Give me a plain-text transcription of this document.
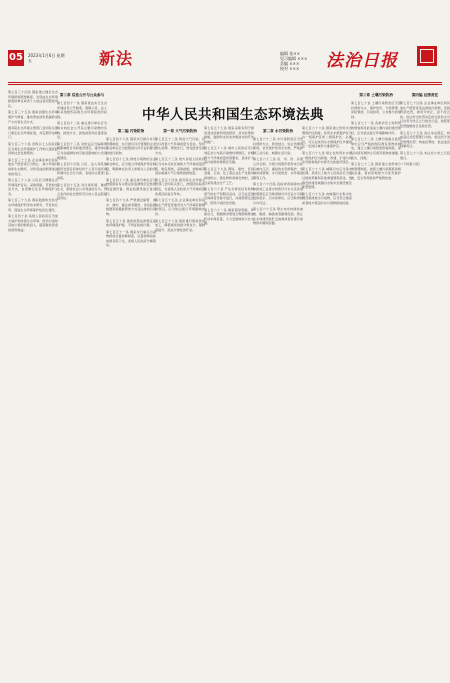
05 2023年1月6日 星期五	新法	编辑 张××
见习编辑 ×××
美编 ×××
校对 ×××	法治日报
中华人民共和国生态环境法典

第七百三十四条 国家建立健全生态环境损害赔偿制度，对造成生态环境损害的单位或者个人依法追究赔偿责任。

第七百三十五条 国家加强生态环境保护与修复，推动形成绿色低碳的生产方式和生活方式。

国务院生态环境主管部门会同有关部门制定生态环境标准，并定期评估修订。

第七百三十六条 县级以上人民政府应当将生态环境保护工作纳入国民经济和社会发展规划。

第七百三十七条 企业事业单位和其他生产经营者应当防止、减少环境污染和生态破坏，对所造成的损害依法承担责任。

第七百三十八条 公民应当增强生态环境保护意识，采取低碳、节俭的生活方式，自觉履行生态环境保护义务。

第七百三十九条 国家鼓励和支持生态环境保护科学技术研究、开发和应用，促进生态环境保护信息化建设。

第七百四十条 各级人民政府应当加大保护和改善生态环境、防治污染和其他公害的财政投入，提高财政资金的使用效益。

第三章 信息公开与公众参与

第七百四十一条 国家依法实行生态环境信息公开制度，保障公民、法人和其他组织获取生态环境信息的权利。

第七百四十二条 重点排污单位应当如实向社会公开其主要污染物的名称、排放方式、排放浓度和总量等信息。

第七百四十三条 对依法应当编制环境影响报告书的建设项目，建设单位应当在编制时向可能受影响的公众说明情况。

第七百四十四条 公民、法人和其他组织发现任何单位和个人有污染环境和破坏生态行为的，有权向主管部门举报。

第七百四十五条 对污染环境、破坏生态，损害社会公共利益的行为，符合条件的社会组织可以向人民法院提起诉讼。

第二编 污染防治

第七百四十六条 国家实行排污许可管理制度，实行排污许可管理的企业事业单位应当按照排污许可证的要求排放污染物。

第七百四十七条 排放污染物的企业事业单位，应当建立环境保护责任制度，明确单位负责人和相关人员的责任。

第七百四十八条 重点排污单位应当按照国家有关规定和监测规范安装使用监测设备，保证监测设备正常运行。

第七百四十九条 严禁通过暗管、渗井、渗坑、灌注或者篡改、伪造监测数据等逃避监管的方式违法排放污染物。

第七百五十条 国家依照法律规定征收环境保护税，不再征收排污费。

第七百五十一条 国家实行重点污染物排放总量控制制度，总量控制指标由国务院下达，省级人民政府分解落实。

第一章 大气污染防治

第七百五十二条 防治大气污染，应当以改善大气环境质量为目标，坚持源头治理、规划先行，转变经济发展方式。

第七百五十三条 地方各级人民政府应当对本行政区域的大气环境质量负责，制定规划，采取措施，控制或者逐步削减大气污染物的排放量。

第七百五十四条 国务院生态环境主管部门会同有关部门，按照国务院的规定，对省级人民政府大气环境质量改善目标进行考核。

第七百五十五条 企业事业单位和其他生产经营者建设对大气环境有影响的项目，应当依法进行环境影响评价。

第七百五十六条 国家推行煤炭洗选加工，降低煤炭的硫分和灰分，限制高硫分、高灰分煤炭的开采。

第七百五十七条 国家采取有利于煤炭清洁高效利用的经济、技术政策和措施，鼓励和支持洁净煤技术的开发和推广。

第七百五十八条 城市人民政府可以划定并公布高污染燃料禁燃区，并根据大气环境质量改善要求，逐步扩大高污染燃料禁燃区范围。

第七百五十九条 钢铁、建材、有色金属、石油、化工等企业生产过程中排放粉尘、硫化物和氮氧化物的，应当采用清洁生产工艺。

第七百六十条 产生含挥发性有机物废气的生产和服务活动，应当在密闭空间或者设备中进行，并按照规定安装、使用污染防治设施。

第七百六十一条 国家倡导低碳、环保出行，根据城市规划合理控制燃油机动车保有量，大力发展城市公共交通。

第二章 水污染防治

第七百六十二条 水污染防治应当坚持预防为主、防治结合、综合治理的原则，优先保护饮用水水源，严格控制工业污染、城镇生活污染。

第七百六十三条 省、市、县、乡建立河长制，分级分段组织领导本行政区域内江河、湖泊的水资源保护、水域岸线管理、水污染防治、水环境治理等工作。

第七百六十四条 直接或者间接向水体排放工业废水和医疗污水以及其他按照规定应当取得排污许可证方可排放的废水、污水的单位，应当取得排污许可证。

第七百六十五条 禁止向水体排放油类、酸液、碱液或者剧毒废液。禁止在水体清洗装贮过油类或者有毒污染物的车辆和容器。

第七百六十六条 国家建立饮用水水源保护区制度。饮用水水源保护区分为一级保护区和二级保护区；必要时，可以在饮用水水源保护区外围划定一定的区域作为准保护区。

第七百六十七条 禁止在饮用水水源一级保护区内新建、改建、扩建与供水设施和保护水源无关的建设项目。

第七百六十八条 城镇污水应当集中处理。县级以上地方人民政府应当通过财政预算和其他渠道筹集资金，统筹安排建设城镇污水集中处理设施及配套管网。

第七百六十九条 向城镇污水集中处理设施排放水污染物，应当符合国家或者地方规定的水污染物排放标准。

第三章 土壤污染防治

第七百七十条 土壤污染防治应当坚持预防为主、保护优先、分类管理、风险管控、污染担责、公众参与的原则。

第七百七十一条 各类涉及土地利用的规划和可能造成土壤污染的建设项目，应当依法进行环境影响评价。

第七百七十二条 土壤污染重点监管单位应当严格控制有毒有害物质排放，建立土壤污染隐患排查制度，保证持续有效防止有毒有害物质渗漏、流失、扬散。

第七百七十三条 国家建立农用地分类管理制度。按照土壤污染程度和相关标准，将农用地划分为优先保护类、安全利用类和严格管控类。

第四编 法律责任

第七百七十四条 企业事业单位和其他生产经营者违法排放污染物，受到罚款处罚，被责令改正，拒不改正的，依法作出处罚决定的行政机关可以自责令改正之日的次日起，按照原处罚数额按日连续处罚。

第七百七十五条 违反本法规定，构成违反治安管理行为的，依法给予治安管理处罚；构成犯罪的，依法追究刑事责任。

第七百七十六条 本法自公布之日起施行。

（下转第六版）
